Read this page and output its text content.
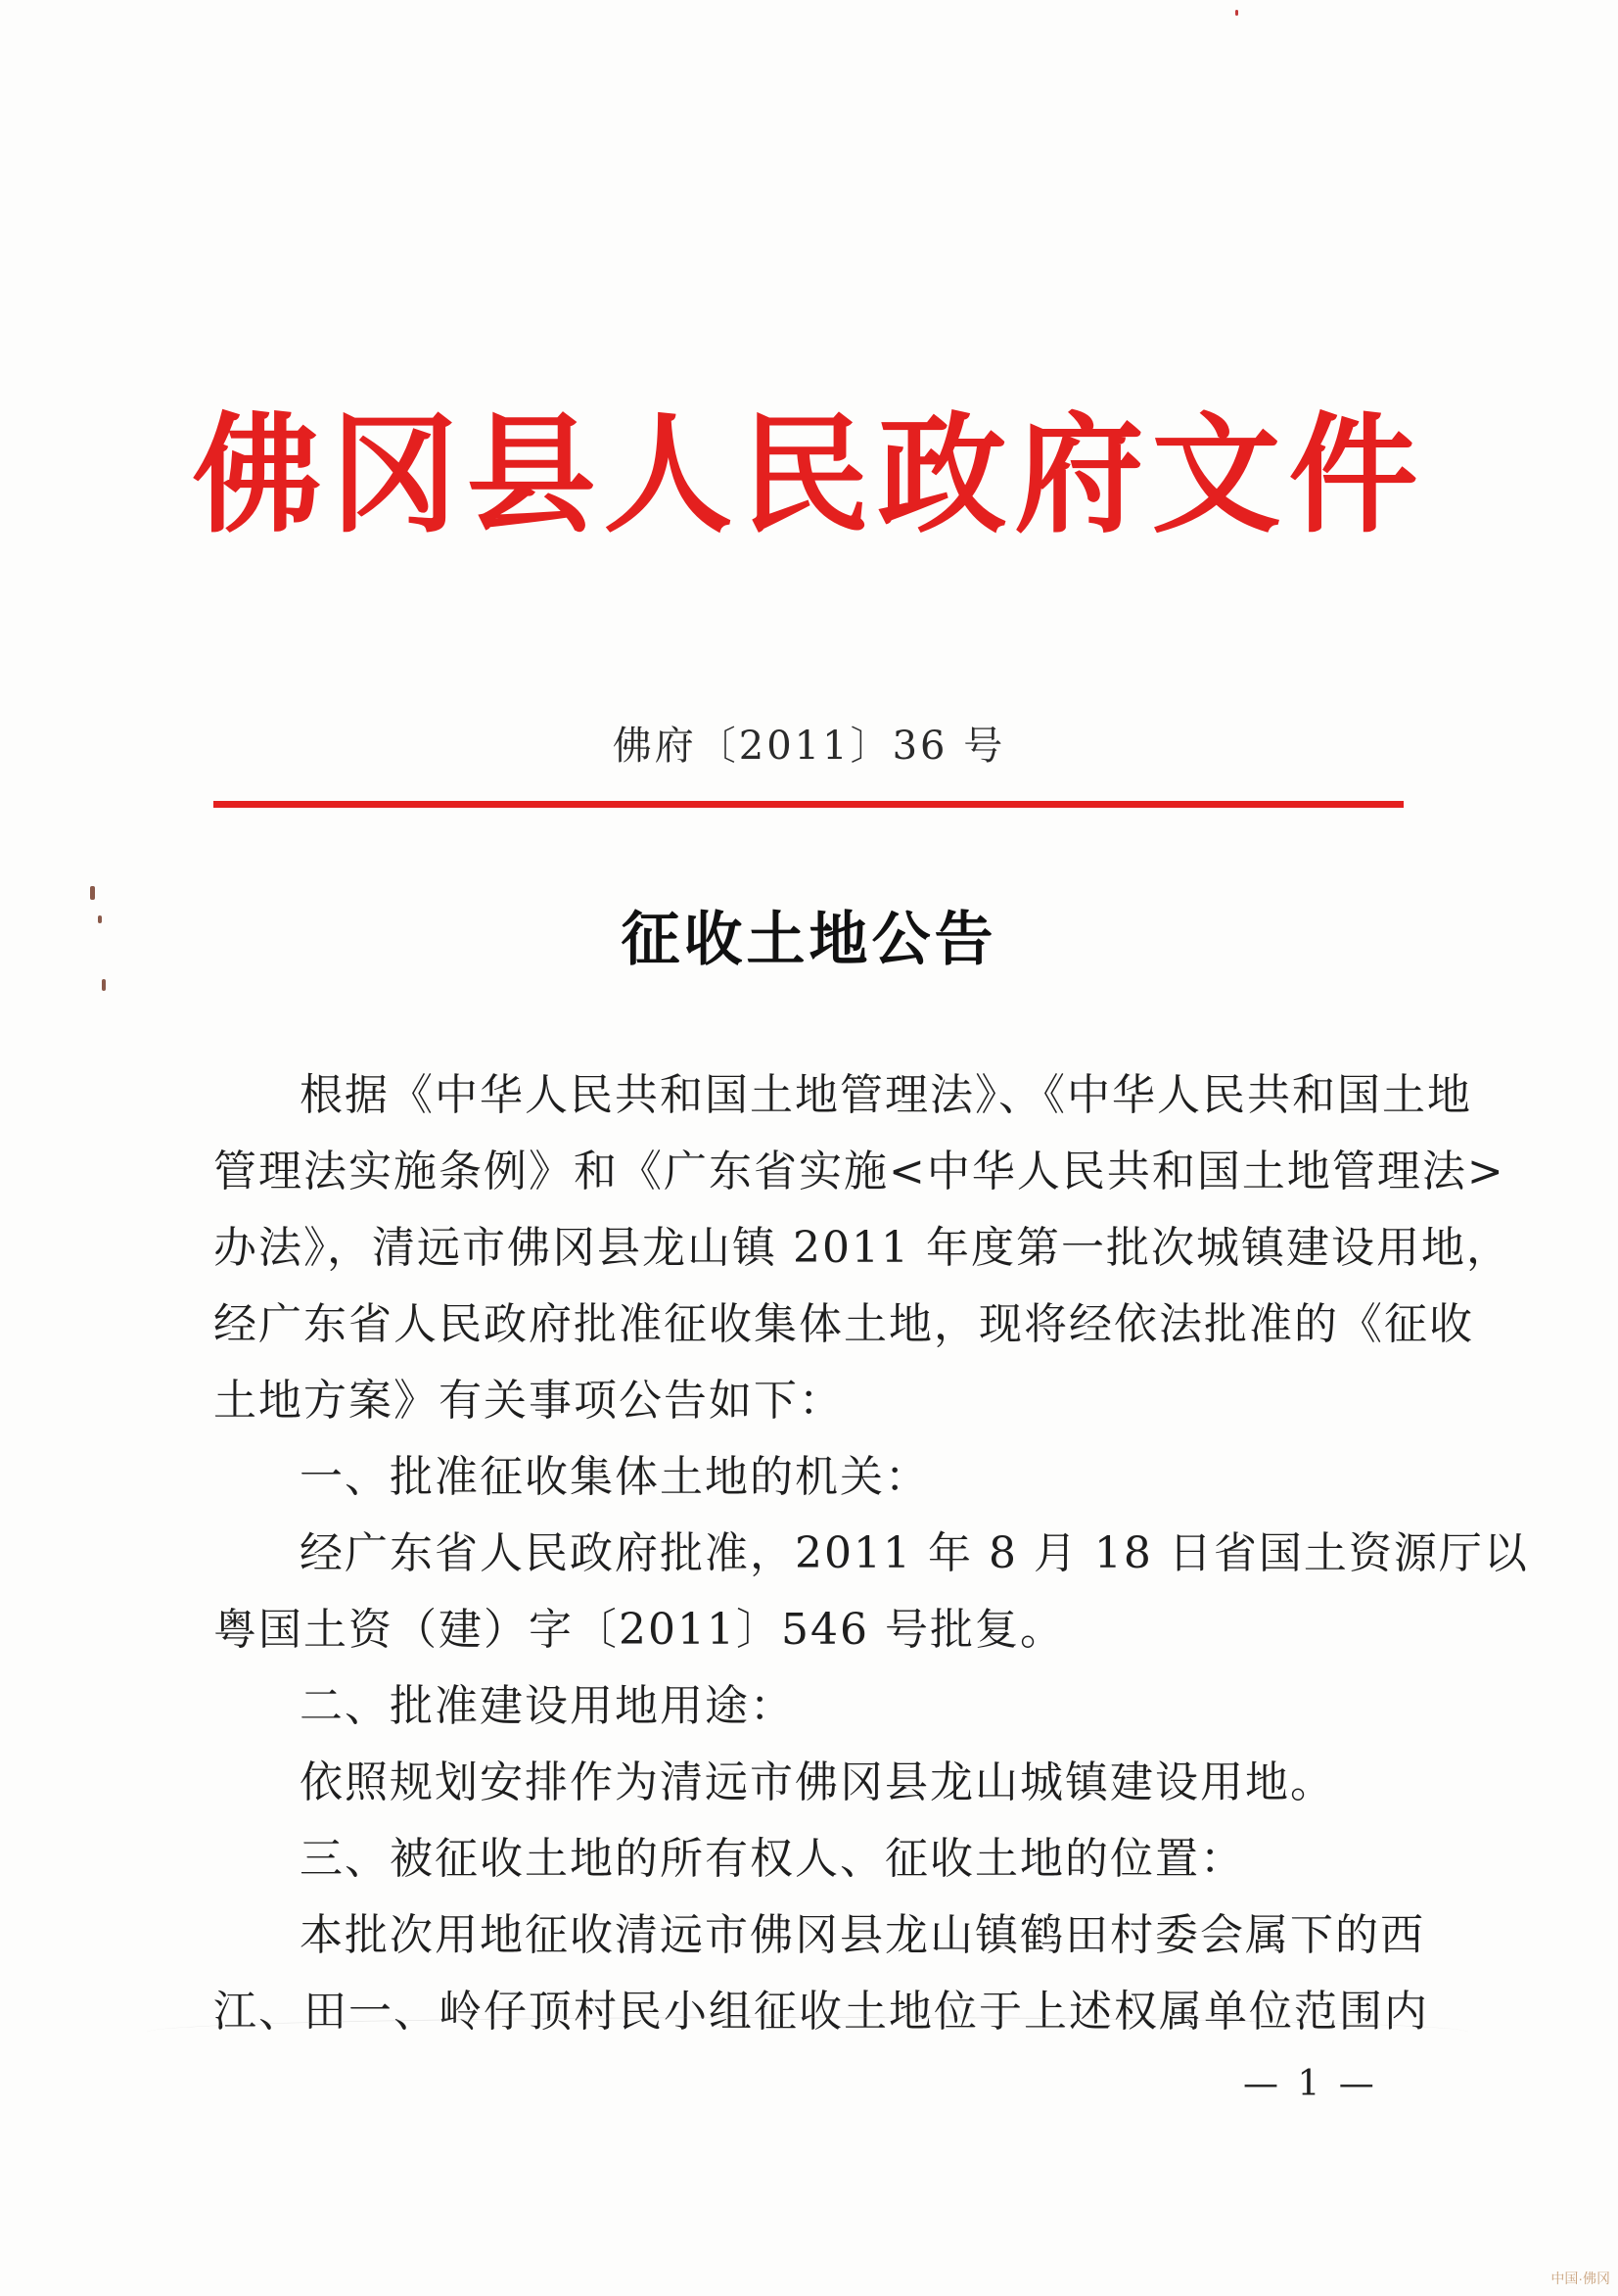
佛冈县人民政府文件
佛府〔2011〕36 号
征收土地公告
根据《中华人民共和国土地管理法》、《中华人民共和国土地
管理法实施条例》和《广东省实施<中华人民共和国土地管理法>
办法》，清远市佛冈县龙山镇 2011 年度第一批次城镇建设用地，
经广东省人民政府批准征收集体土地，现将经依法批准的《征收
土地方案》有关事项公告如下：
一、批准征收集体土地的机关：
经广东省人民政府批准，2011 年 8 月 18 日省国土资源厅以
粤国土资（建）字〔2011〕546 号批复。
二、批准建设用地用途：
依照规划安排作为清远市佛冈县龙山城镇建设用地。
三、被征收土地的所有权人、征收土地的位置：
本批次用地征收清远市佛冈县龙山镇鹤田村委会属下的西
江、田一、岭仔顶村民小组征收土地位于上述权属单位范围内
— 1 —
中国·佛冈
